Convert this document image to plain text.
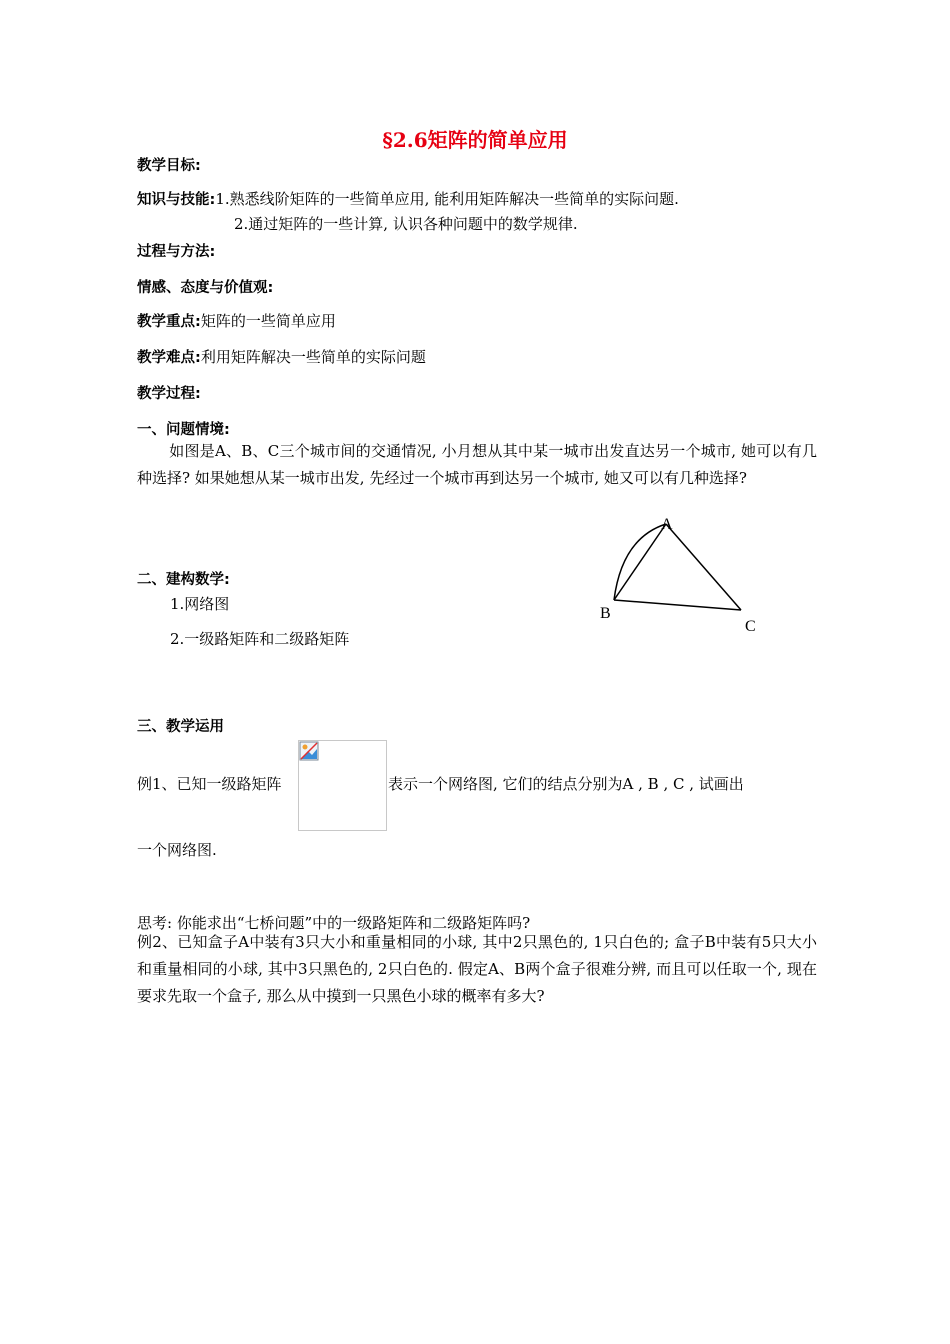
§2.6矩阵的简单应用
教学目标:
知识与技能:1.熟悉线阶矩阵的一些简单应用, 能利用矩阵解决一些简单的实际问题.
2.通过矩阵的一些计算, 认识各种问题中的数学规律.
过程与方法:
情感、态度与价值观:
教学重点:矩阵的一些简单应用
教学难点:利用矩阵解决一些简单的实际问题
教学过程:
一、问题情境:
如图是A、B、C三个城市间的交通情况, 小月想从其中某一城市出发直达另一个城市, 她可以有几种选择? 如果她想从某一城市出发, 先经过一个城市再到达另一个城市, 她又可以有几种选择?
A
B
C
二、建构数学:
1.网络图
2.一级路矩阵和二级路矩阵
三、教学运用
例1、已知一级路矩阵	表示一个网络图, 它们的结点分别为A , B , C , 试画出
一个网络图.
思考: 你能求出“七桥问题”中的一级路矩阵和二级路矩阵吗?
例2、已知盒子A中装有3只大小和重量相同的小球, 其中2只黑色的, 1只白色的; 盒子B中装有5只大小和重量相同的小球, 其中3只黑色的, 2只白色的. 假定A、B两个盒子很难分辨, 而且可以任取一个, 现在要求先取一个盒子, 那么从中摸到一只黑色小球的概率有多大?
